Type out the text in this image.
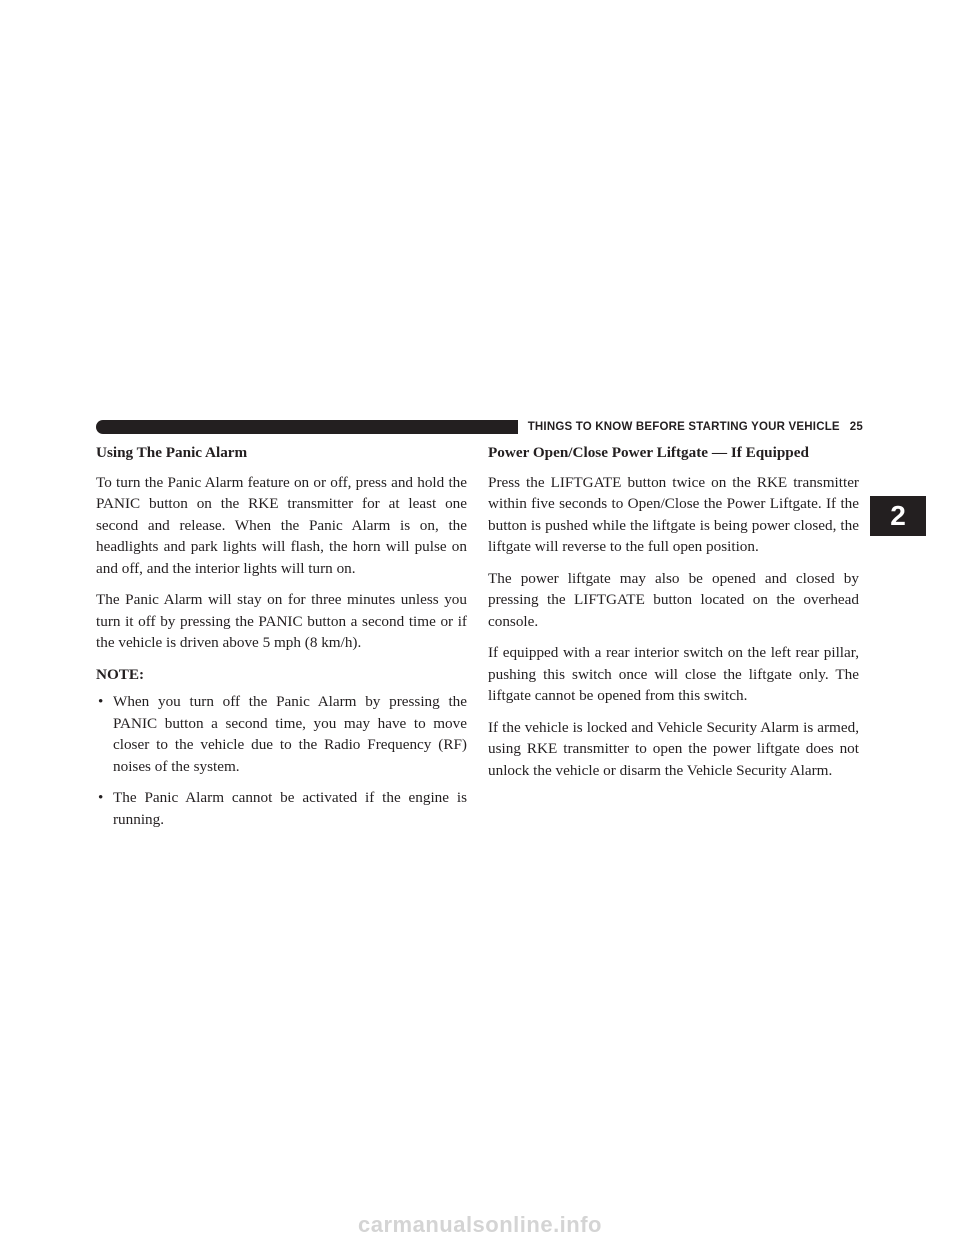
THINGS TO KNOW BEFORE STARTING YOUR VEHICLE 25
2
Using The Panic Alarm

To turn the Panic Alarm feature on or off, press and hold the PANIC button on the RKE transmitter for at least one second and release. When the Panic Alarm is on, the headlights and park lights will flash, the horn will pulse on and off, and the interior lights will turn on.

The Panic Alarm will stay on for three minutes unless you turn it off by pressing the PANIC button a second time or if the vehicle is driven above 5 mph (8 km/h).

NOTE:
• When you turn off the Panic Alarm by pressing the PANIC button a second time, you may have to move closer to the vehicle due to the Radio Frequency (RF) noises of the system.
• The Panic Alarm cannot be activated if the engine is running.
Power Open/Close Power Liftgate — If Equipped

Press the LIFTGATE button twice on the RKE transmitter within five seconds to Open/Close the Power Liftgate. If the button is pushed while the liftgate is being power closed, the liftgate will reverse to the full open position.

The power liftgate may also be opened and closed by pressing the LIFTGATE button located on the overhead console.

If equipped with a rear interior switch on the left rear pillar, pushing this switch once will close the liftgate only. The liftgate cannot be opened from this switch.

If the vehicle is locked and Vehicle Security Alarm is armed, using RKE transmitter to open the power liftgate does not unlock the vehicle or disarm the Vehicle Security Alarm.

carmanualsonline.info
